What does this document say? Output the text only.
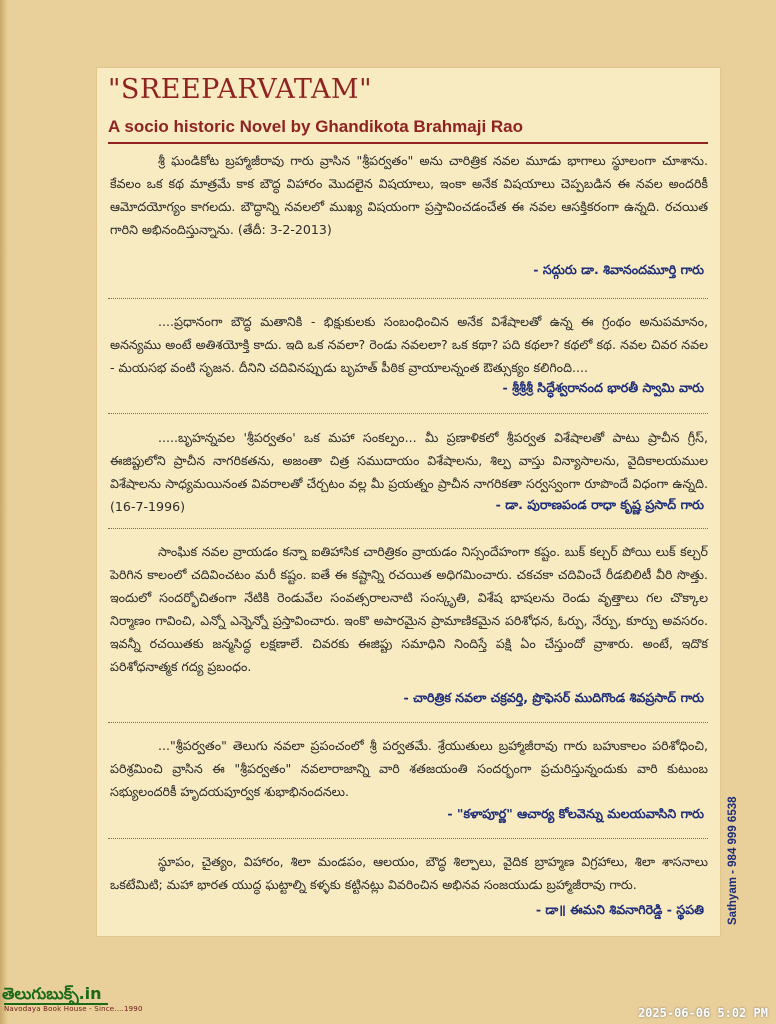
"SREEPARVATAM"

A socio historic Novel by Ghandikota Brahmaji Rao

శ్రీ ఘండికోట బ్రహ్మాజీరావు గారు వ్రాసిన "శ్రీపర్వతం" అను చారిత్రిక నవల మూడు భాగాలు స్థూలంగా చూశాను. కేవలం ఒక కథ మాత్రమే కాక బౌద్ధ విహారం మొదలైన విషయాలు, ఇంకా అనేక విషయాలు చెప్పబడిన ఈ నవల అందరికీ ఆమోదయోగ్యం కాగలదు. బౌద్ధాన్ని నవలలో ముఖ్య విషయంగా ప్రస్తావించడంచేత ఈ నవల ఆసక్తికరంగా ఉన్నది. రచయిత గారిని అభినందిస్తున్నాను. (తేదీ: 3-2-2013)

- సద్గురు డా. శివానందమూర్తి గారు

....ప్రధానంగా బౌద్ధ మతానికి - భిక్షుకులకు సంబంధించిన అనేక విశేషాలతో ఉన్న ఈ గ్రంథం అనుపమానం, అనన్యము అంటే అతిశయోక్తి కాదు. ఇది ఒక నవలా? రెండు నవలలా? ఒక కథా? పది కథలా? కథలో కథ. నవల చివర నవల - మయసభ వంటి సృజన. దీనిని చదివినప్పుడు బృహత్ పీఠిక వ్రాయాలన్నంత ఔత్సుక్యం కలిగింది....

- శ్రీశ్రీశ్రీ సిద్ధేశ్వరానంద భారతీ స్వామి వారు

.....బృహన్నవల 'శ్రీపర్వతం' ఒక మహా సంకల్పం... మీ ప్రణాళికలో శ్రీపర్వత విశేషాలతో పాటు ప్రాచీన గ్రీస్, ఈజిప్టులోని ప్రాచీన నాగరికతను, అజంతా చిత్ర సముదాయం విశేషాలను, శిల్ప వాస్తు విన్యాసాలను, వైదికాలయముల విశేషాలను సాధ్యమయినంత వివరాలతో చేర్చటం వల్ల మీ ప్రయత్నం ప్రాచీన నాగరికతా సర్వస్వంగా రూపొందే విధంగా ఉన్నది. (16-7-1996)	- డా. పురాణపండ రాధా కృష్ణ ప్రసాద్ గారు

సాంఘిక నవల వ్రాయడం కన్నా ఐతిహాసిక చారిత్రికం వ్రాయడం నిస్సందేహంగా కష్టం. బుక్ కల్చర్ పోయి లుక్ కల్చర్ పెరిగిన కాలంలో చదివించటం మరీ కష్టం. ఐతే ఈ కష్టాన్ని రచయిత అధిగమించారు. చకచకా చదివించే రీడబిలిటీ వీరి సొత్తు. ఇందులో సందర్భోచితంగా నేటికి రెండువేల సంవత్సరాలనాటి సంస్కృతి, విశేష భాషలను రెండు వృత్తాలు గల చొక్కాల నిర్మాణం గావించి, ఎన్నో ఎన్నెన్నో ప్రస్తావించారు. ఇంకొ అపారమైన ప్రామాణికమైన పరిశోధన, ఓర్పు, నేర్పు, కూర్పు అవసరం. ఇవన్నీ రచయితకు జన్మసిద్ధ లక్షణాలే. చివరకు ఈజిప్టు సమాధిని నిందిస్తే పక్షి ఏం చేస్తుందో వ్రాశారు. అంటే, ఇదొక పరిశోధనాత్మక గద్య ప్రబంధం.

- చారిత్రిక నవలా చక్రవర్తి, ప్రొఫెసర్ ముదిగొండ శివప్రసాద్ గారు

..."శ్రీపర్వతం" తెలుగు నవలా ప్రపంచంలో శ్రీ పర్వతమే. శ్రేయుతులు బ్రహ్మాజీరావు గారు బహుకాలం పరిశోధించి, పరిశ్రమించి వ్రాసిన ఈ "శ్రీపర్వతం" నవలారాజాన్ని వారి శతజయంతి సందర్భంగా ప్రచురిస్తున్నందుకు వారి కుటుంబ సభ్యులందరికీ హృదయపూర్వక శుభాభినందనలు.

- "కళాపూర్ణ" ఆచార్య కోలవెన్ను మలయవాసిని గారు

స్థూపం, చైత్యం, విహారం, శిలా మండపం, ఆలయం, బౌద్ధ శిల్పాలు, వైదిక బ్రాహ్మణ విగ్రహాలు, శిలా శాసనాలు ఒకటేమిటి; మహా భారత యుద్ధ ఘట్టాల్ని కళ్ళకు కట్టినట్లు వివరించిన అభినవ సంజయుడు బ్రహ్మాజీరావు గారు.

- డా॥ ఈమని శివనాగిరెడ్డి - స్థపతి Sathyam - 984 999 6538
తెలుగుబుక్స్.in
Navodaya Book House - Since....1990	2025-06-06 5:02 PM
